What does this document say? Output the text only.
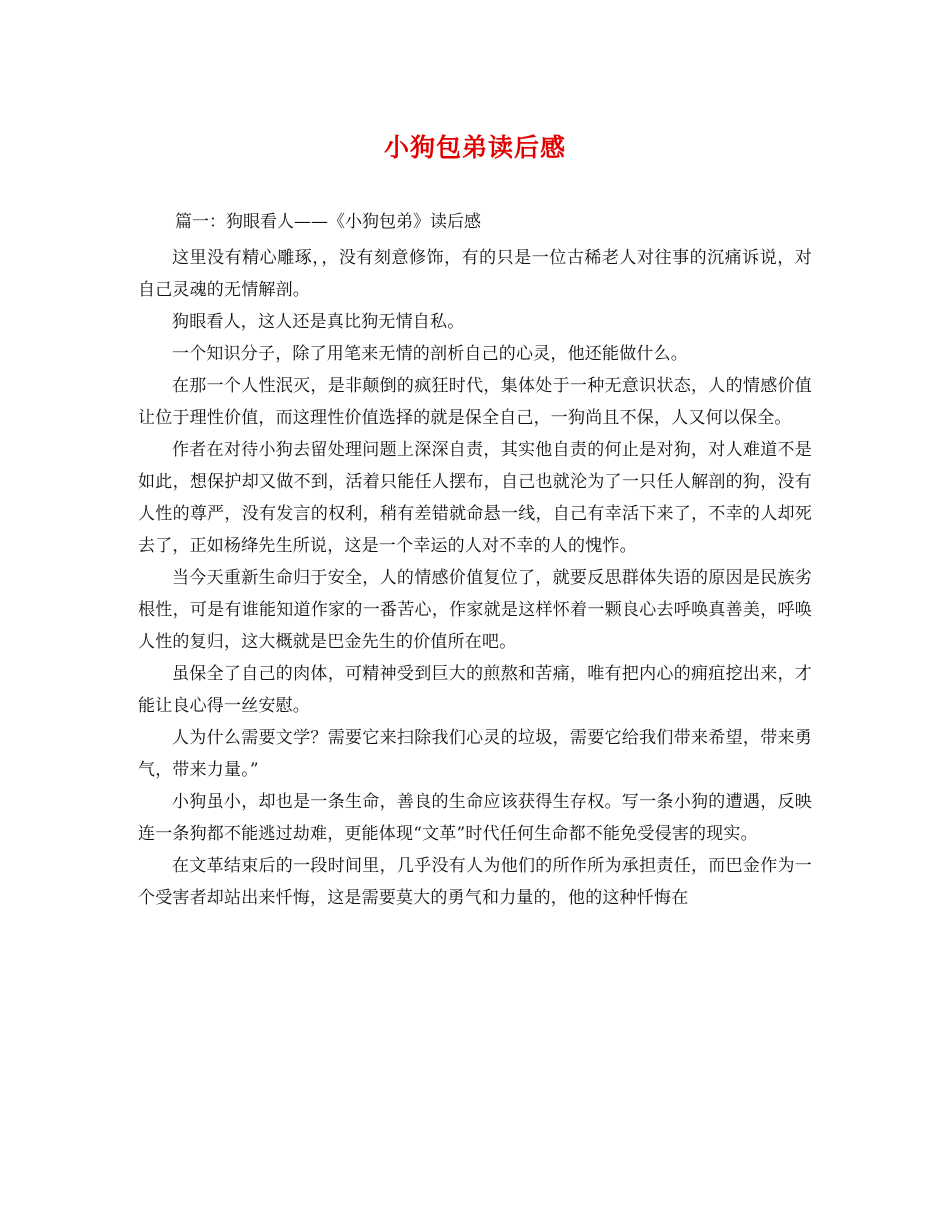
小狗包弟读后感
篇一：狗眼看人——《小狗包弟》读后感

这里没有精心雕琢，，没有刻意修饰，有的只是一位古稀老人对往事的沉痛诉说，对自己灵魂的无情解剖。

狗眼看人，这人还是真比狗无情自私。

一个知识分子，除了用笔来无情的剖析自己的心灵，他还能做什么。

在那一个人性泯灭，是非颠倒的疯狂时代，集体处于一种无意识状态，人的情感价值让位于理性价值，而这理性价值选择的就是保全自己，一狗尚且不保，人又何以保全。

作者在对待小狗去留处理问题上深深自责，其实他自责的何止是对狗，对人难道不是如此，想保护却又做不到，活着只能任人摆布，自己也就沦为了一只任人解剖的狗，没有人性的尊严，没有发言的权利，稍有差错就命悬一线，自己有幸活下来了，不幸的人却死去了，正如杨绛先生所说，这是一个幸运的人对不幸的人的愧怍。

当今天重新生命归于安全，人的情感价值复位了，就要反思群体失语的原因是民族劣根性，可是有谁能知道作家的一番苦心，作家就是这样怀着一颗良心去呼唤真善美，呼唤人性的复归，这大概就是巴金先生的价值所在吧。

虽保全了自己的肉体，可精神受到巨大的煎熬和苦痛，唯有把内心的痈疽挖出来，才能让良心得一丝安慰。

人为什么需要文学？需要它来扫除我们心灵的垃圾，需要它给我们带来希望，带来勇气，带来力量。”

小狗虽小，却也是一条生命，善良的生命应该获得生存权。写一条小狗的遭遇，反映连一条狗都不能逃过劫难，更能体现“文革”时代任何生命都不能免受侵害的现实。

在文革结束后的一段时间里，几乎没有人为他们的所作所为承担责任，而巴金作为一个受害者却站出来忏悔，这是需要莫大的勇气和力量的，他的这种忏悔在
